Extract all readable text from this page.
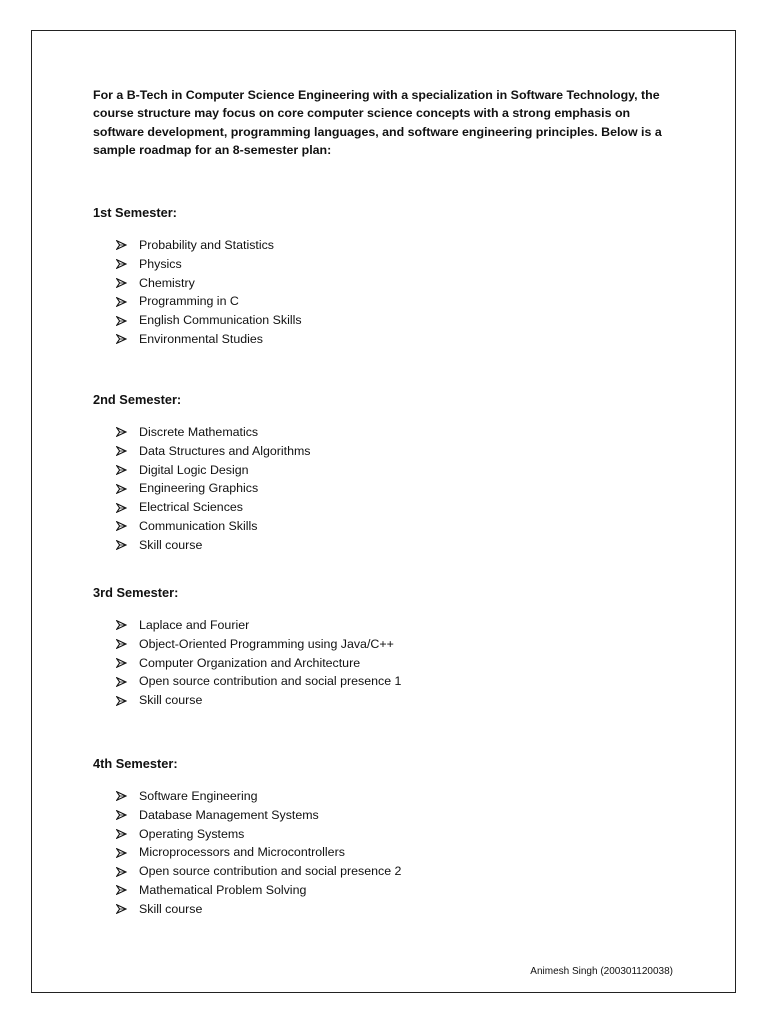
For a B-Tech in Computer Science Engineering with a specialization in Software Technology, the course structure may focus on core computer science concepts with a strong emphasis on software development, programming languages, and software engineering principles. Below is a sample roadmap for an 8-semester plan:

1st Semester:
Probability and Statistics
Physics
Chemistry
Programming in C
English Communication Skills
Environmental Studies
2nd Semester:
Discrete Mathematics
Data Structures and Algorithms
Digital Logic Design
Engineering Graphics
Electrical Sciences
Communication Skills
Skill course
3rd Semester:
Laplace and Fourier
Object-Oriented Programming using Java/C++
Computer Organization and Architecture
Open source contribution and social presence 1
Skill course
4th Semester:
Software Engineering
Database Management Systems
Operating Systems
Microprocessors and Microcontrollers
Open source contribution and social presence 2
Mathematical Problem Solving
Skill course
Animesh Singh (200301120038)
